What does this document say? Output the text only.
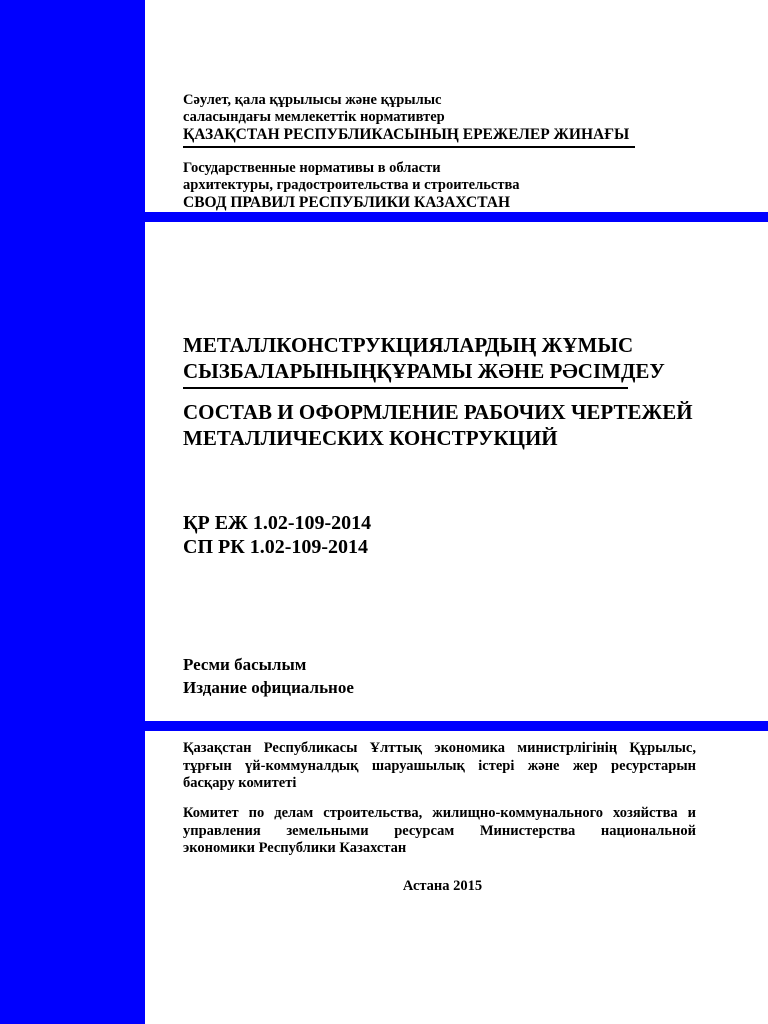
Сәулет, қала құрылысы және құрылыс
саласындағы мемлекеттік нормативтер
ҚАЗАҚСТАН РЕСПУБЛИКАСЫНЫҢ ЕРЕЖЕЛЕР ЖИНАҒЫ
Государственные нормативы в области
архитектуры, градостроительства и строительства
СВОД ПРАВИЛ РЕСПУБЛИКИ КАЗАХСТАН
МЕТАЛЛКОНСТРУКЦИЯЛАРДЫҢ ЖҰМЫС
СЫЗБАЛАРЫНЫҢҚҰРАМЫ ЖӘНЕ РӘСІМДЕУ
СОСТАВ И ОФОРМЛЕНИЕ РАБОЧИХ ЧЕРТЕЖЕЙ
МЕТАЛЛИЧЕСКИХ КОНСТРУКЦИЙ
ҚР ЕЖ 1.02-109-2014
СП РК 1.02-109-2014
Ресми басылым
Издание официальное

Қазақстан Республикасы Ұлттық экономика министрлігінің Құрылыс,
тұрғын үй-коммуналдық шаруашылық істері және жер ресурстарын
басқару комитеті

Комитет по делам строительства, жилищно-коммунального хозяйства и
управления земельными ресурсам Министерства национальной
экономики Республики Казахстан

Астана 2015
